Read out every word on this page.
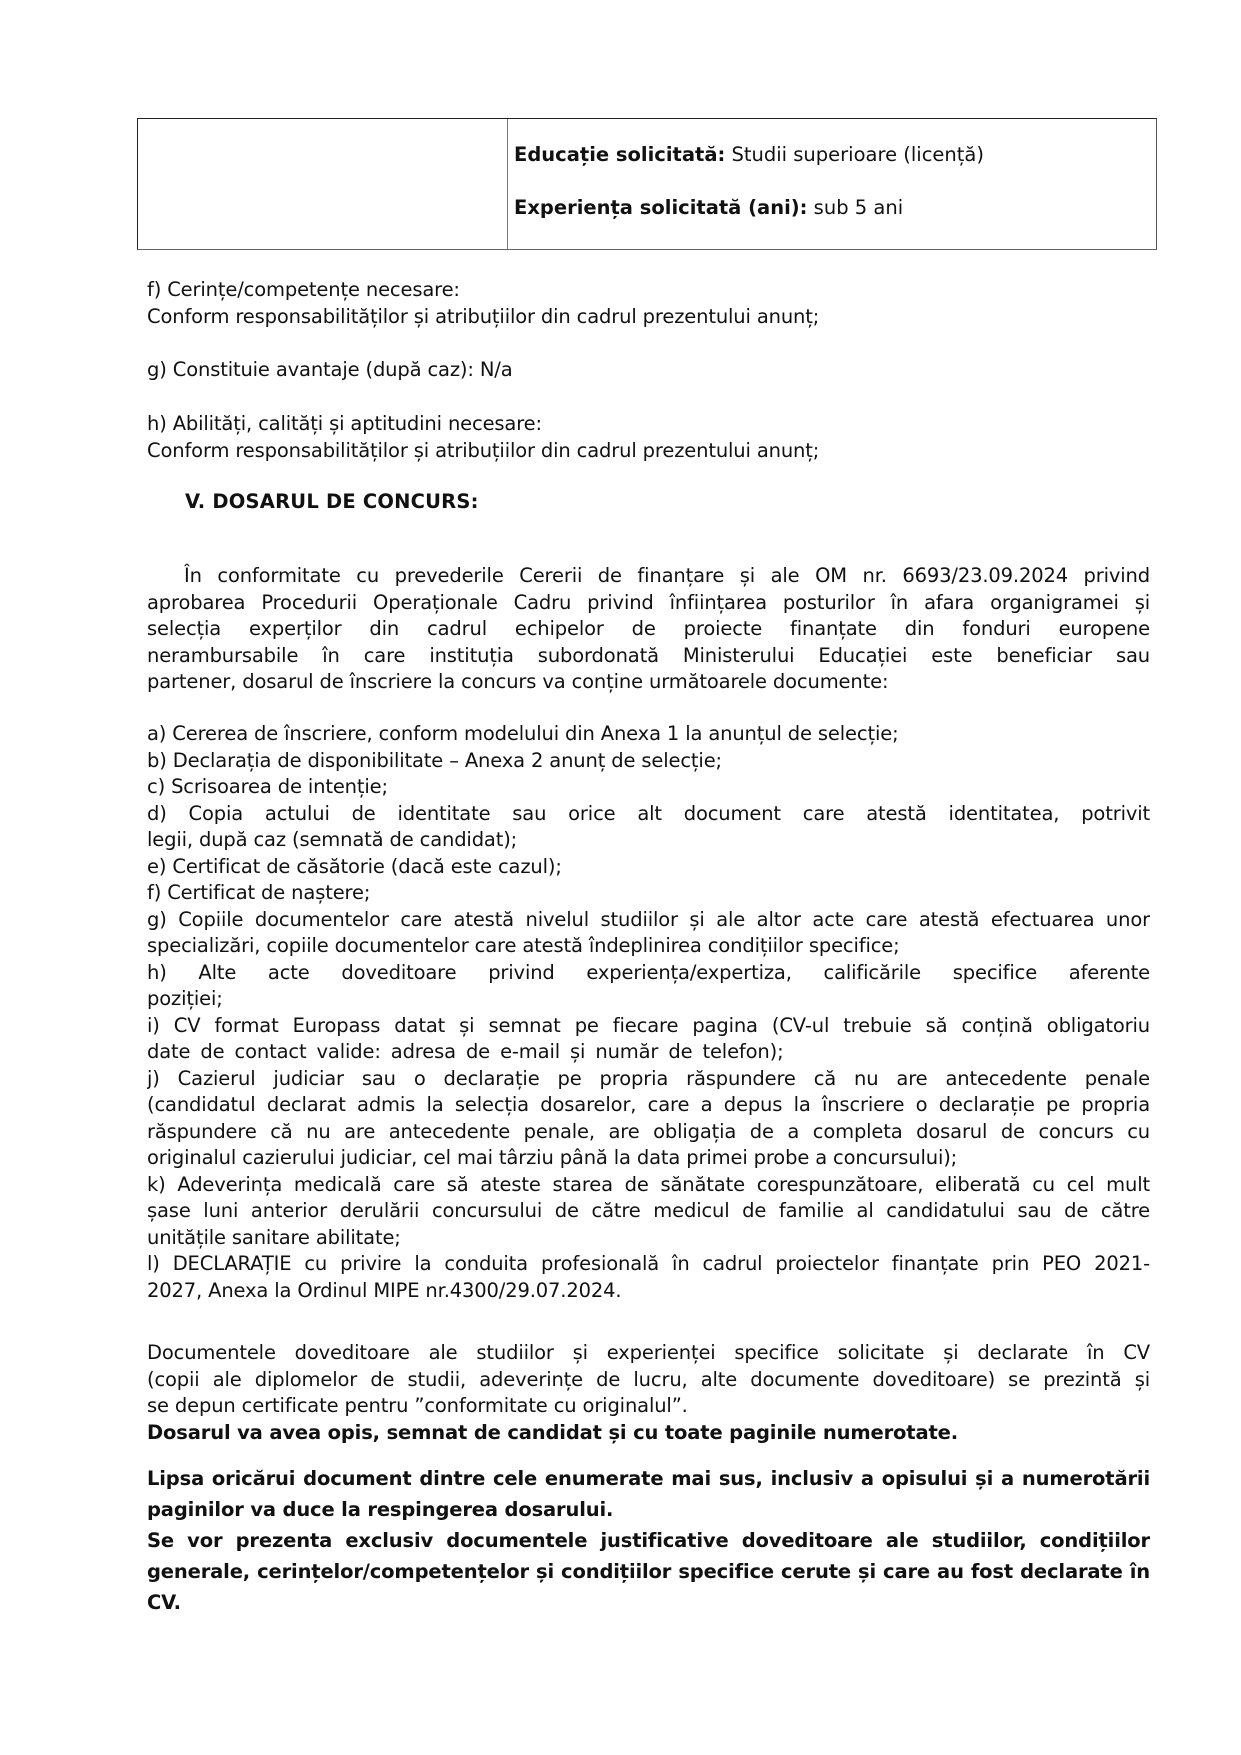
Educație solicitată: Studii superioare (licență)
Experiența solicitată (ani): sub 5 ani
f) Cerințe/competențe necesare:
Conform responsabilităților și atribuțiilor din cadrul prezentului anunț;
g) Constituie avantaje (după caz): N/a
h) Abilități, calități și aptitudini necesare:
Conform responsabilităților și atribuțiilor din cadrul prezentului anunț;
V. DOSARUL DE CONCURS:
În conformitate cu prevederile Cererii de finanțare și ale OM nr. 6693/23.09.2024 privind
aprobarea Procedurii Operaționale Cadru privind înființarea posturilor în afara organigramei și
selecția experților din cadrul echipelor de proiecte finanțate din fonduri europene
nerambursabile în care instituția subordonată Ministerului Educației este beneficiar sau
partener, dosarul de înscriere la concurs va conține următoarele documente:
a) Cererea de înscriere, conform modelului din Anexa 1 la anunțul de selecție;
b) Declarația de disponibilitate – Anexa 2 anunț de selecție;
c) Scrisoarea de intenție;
d) Copia actului de identitate sau orice alt document care atestă identitatea, potrivit
legii, după caz (semnată de candidat);
e) Certificat de căsătorie (dacă este cazul);
f) Certificat de naștere;
g) Copiile documentelor care atestă nivelul studiilor și ale altor acte care atestă efectuarea unor
specializări, copiile documentelor care atestă îndeplinirea condițiilor specifice;
h) Alte acte doveditoare privind experiența/expertiza, calificările specifice aferente
poziției;
i) CV format Europass datat și semnat pe fiecare pagina (CV-ul trebuie să conțină obligatoriu
date de contact valide: adresa de e-mail și număr de telefon);
j) Cazierul judiciar sau o declarație pe propria răspundere că nu are antecedente penale
(candidatul declarat admis la selecția dosarelor, care a depus la înscriere o declarație pe propria
răspundere că nu are antecedente penale, are obligația de a completa dosarul de concurs cu
originalul cazierului judiciar, cel mai târziu până la data primei probe a concursului);
k) Adeverința medicală care să ateste starea de sănătate corespunzătoare, eliberată cu cel mult
șase luni anterior derulării concursului de către medicul de familie al candidatului sau de către
unitățile sanitare abilitate;
l) DECLARAȚIE cu privire la conduita profesională în cadrul proiectelor finanțate prin PEO 2021-
2027, Anexa la Ordinul MIPE nr.4300/29.07.2024.
Documentele doveditoare ale studiilor și experienței specifice solicitate și declarate în CV
(copii ale diplomelor de studii, adeverințe de lucru, alte documente doveditoare) se prezintă și
se depun certificate pentru ”conformitate cu originalul”.
Dosarul va avea opis, semnat de candidat și cu toate paginile numerotate.
Lipsa oricărui document dintre cele enumerate mai sus, inclusiv a opisului și a numerotării
paginilor va duce la respingerea dosarului.
Se vor prezenta exclusiv documentele justificative doveditoare ale studiilor, condițiilor
generale, cerințelor/competențelor și condițiilor specifice cerute și care au fost declarate în
CV.
